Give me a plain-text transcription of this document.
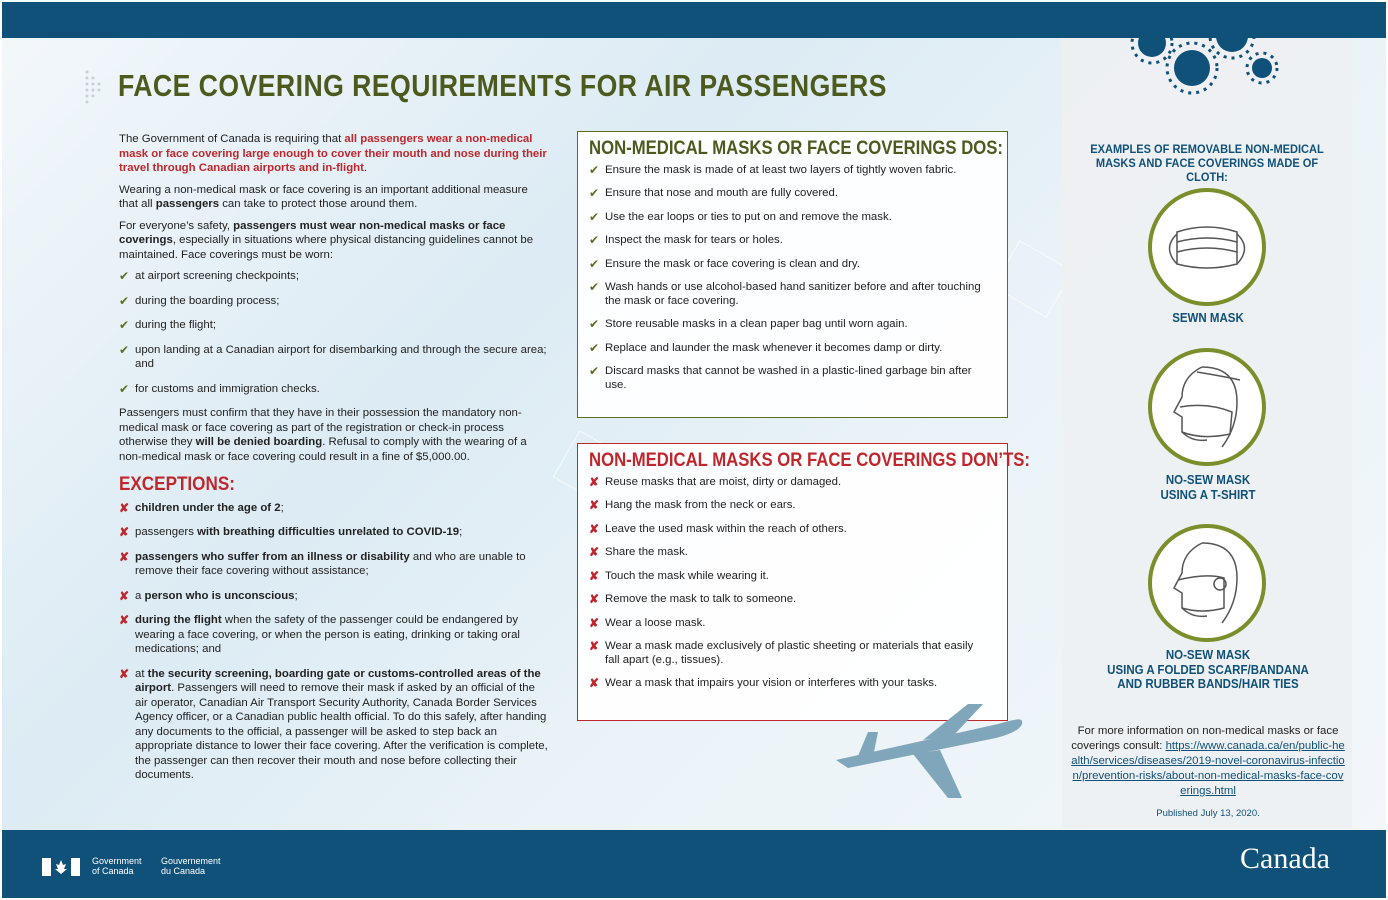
FACE COVERING REQUIREMENTS FOR AIR PASSENGERS

The Government of Canada is requiring that all passengers wear a non-medical mask or face covering large enough to cover their mouth and nose during their travel through Canadian airports and in-flight.

Wearing a non-medical mask or face covering is an important additional measure that all passengers can take to protect those around them.

For everyone’s safety, passengers must wear non-medical masks or face coverings, especially in situations where physical distancing guidelines cannot be maintained. Face coverings must be worn:

✔ at airport screening checkpoints;
✔ during the boarding process;
✔ during the flight;
✔ upon landing at a Canadian airport for disembarking and through the secure area; and
✔ for customs and immigration checks.

Passengers must confirm that they have in their possession the mandatory non-medical mask or face covering as part of the registration or check-in process otherwise they will be denied boarding. Refusal to comply with the wearing of a non-medical mask or face covering could result in a fine of $5,000.00.

EXCEPTIONS:
✘ children under the age of 2;
✘ passengers with breathing difficulties unrelated to COVID-19;
✘ passengers who suffer from an illness or disability and who are unable to remove their face covering without assistance;
✘ a person who is unconscious;
✘ during the flight when the safety of the passenger could be endangered by wearing a face covering, or when the person is eating, drinking or taking oral medications; and
✘ at the security screening, boarding gate or customs-controlled areas of the airport. Passengers will need to remove their mask if asked by an official of the air operator, Canadian Air Transport Security Authority, Canada Border Services Agency officer, or a Canadian public health official. To do this safely, after handing any documents to the official, a passenger will be asked to step back an appropriate distance to lower their face covering. After the verification is complete, the passenger can then recover their mouth and nose before collecting their documents.
NON-MEDICAL MASKS OR FACE COVERINGS DOS:
✔ Ensure the mask is made of at least two layers of tightly woven fabric.
✔ Ensure that nose and mouth are fully covered.
✔ Use the ear loops or ties to put on and remove the mask.
✔ Inspect the mask for tears or holes.
✔ Ensure the mask or face covering is clean and dry.
✔ Wash hands or use alcohol-based hand sanitizer before and after touching the mask or face covering.
✔ Store reusable masks in a clean paper bag until worn again.
✔ Replace and launder the mask whenever it becomes damp or dirty.
✔ Discard masks that cannot be washed in a plastic-lined garbage bin after use.
NON-MEDICAL MASKS OR FACE COVERINGS DON’TS:
✘ Reuse masks that are moist, dirty or damaged.
✘ Hang the mask from the neck or ears.
✘ Leave the used mask within the reach of others.
✘ Share the mask.
✘ Touch the mask while wearing it.
✘ Remove the mask to talk to someone.
✘ Wear a loose mask.
✘ Wear a mask made exclusively of plastic sheeting or materials that easily fall apart (e.g., tissues).
✘ Wear a mask that impairs your vision or interferes with your tasks.
EXAMPLES OF REMOVABLE NON-MEDICAL MASKS AND FACE COVERINGS MADE OF CLOTH:
SEWN MASK
NO-SEW MASK
USING A T-SHIRT
NO-SEW MASK
USING A FOLDED SCARF/BANDANA
AND RUBBER BANDS/HAIR TIES
For more information on non-medical masks or face coverings consult: https://www.canada.ca/en/public-health/services/diseases/2019-novel-coronavirus-infection/prevention-risks/about-non-medical-masks-face-coverings.html
Published July 13, 2020.
Government
of Canada
Gouvernement
du Canada	Canada
